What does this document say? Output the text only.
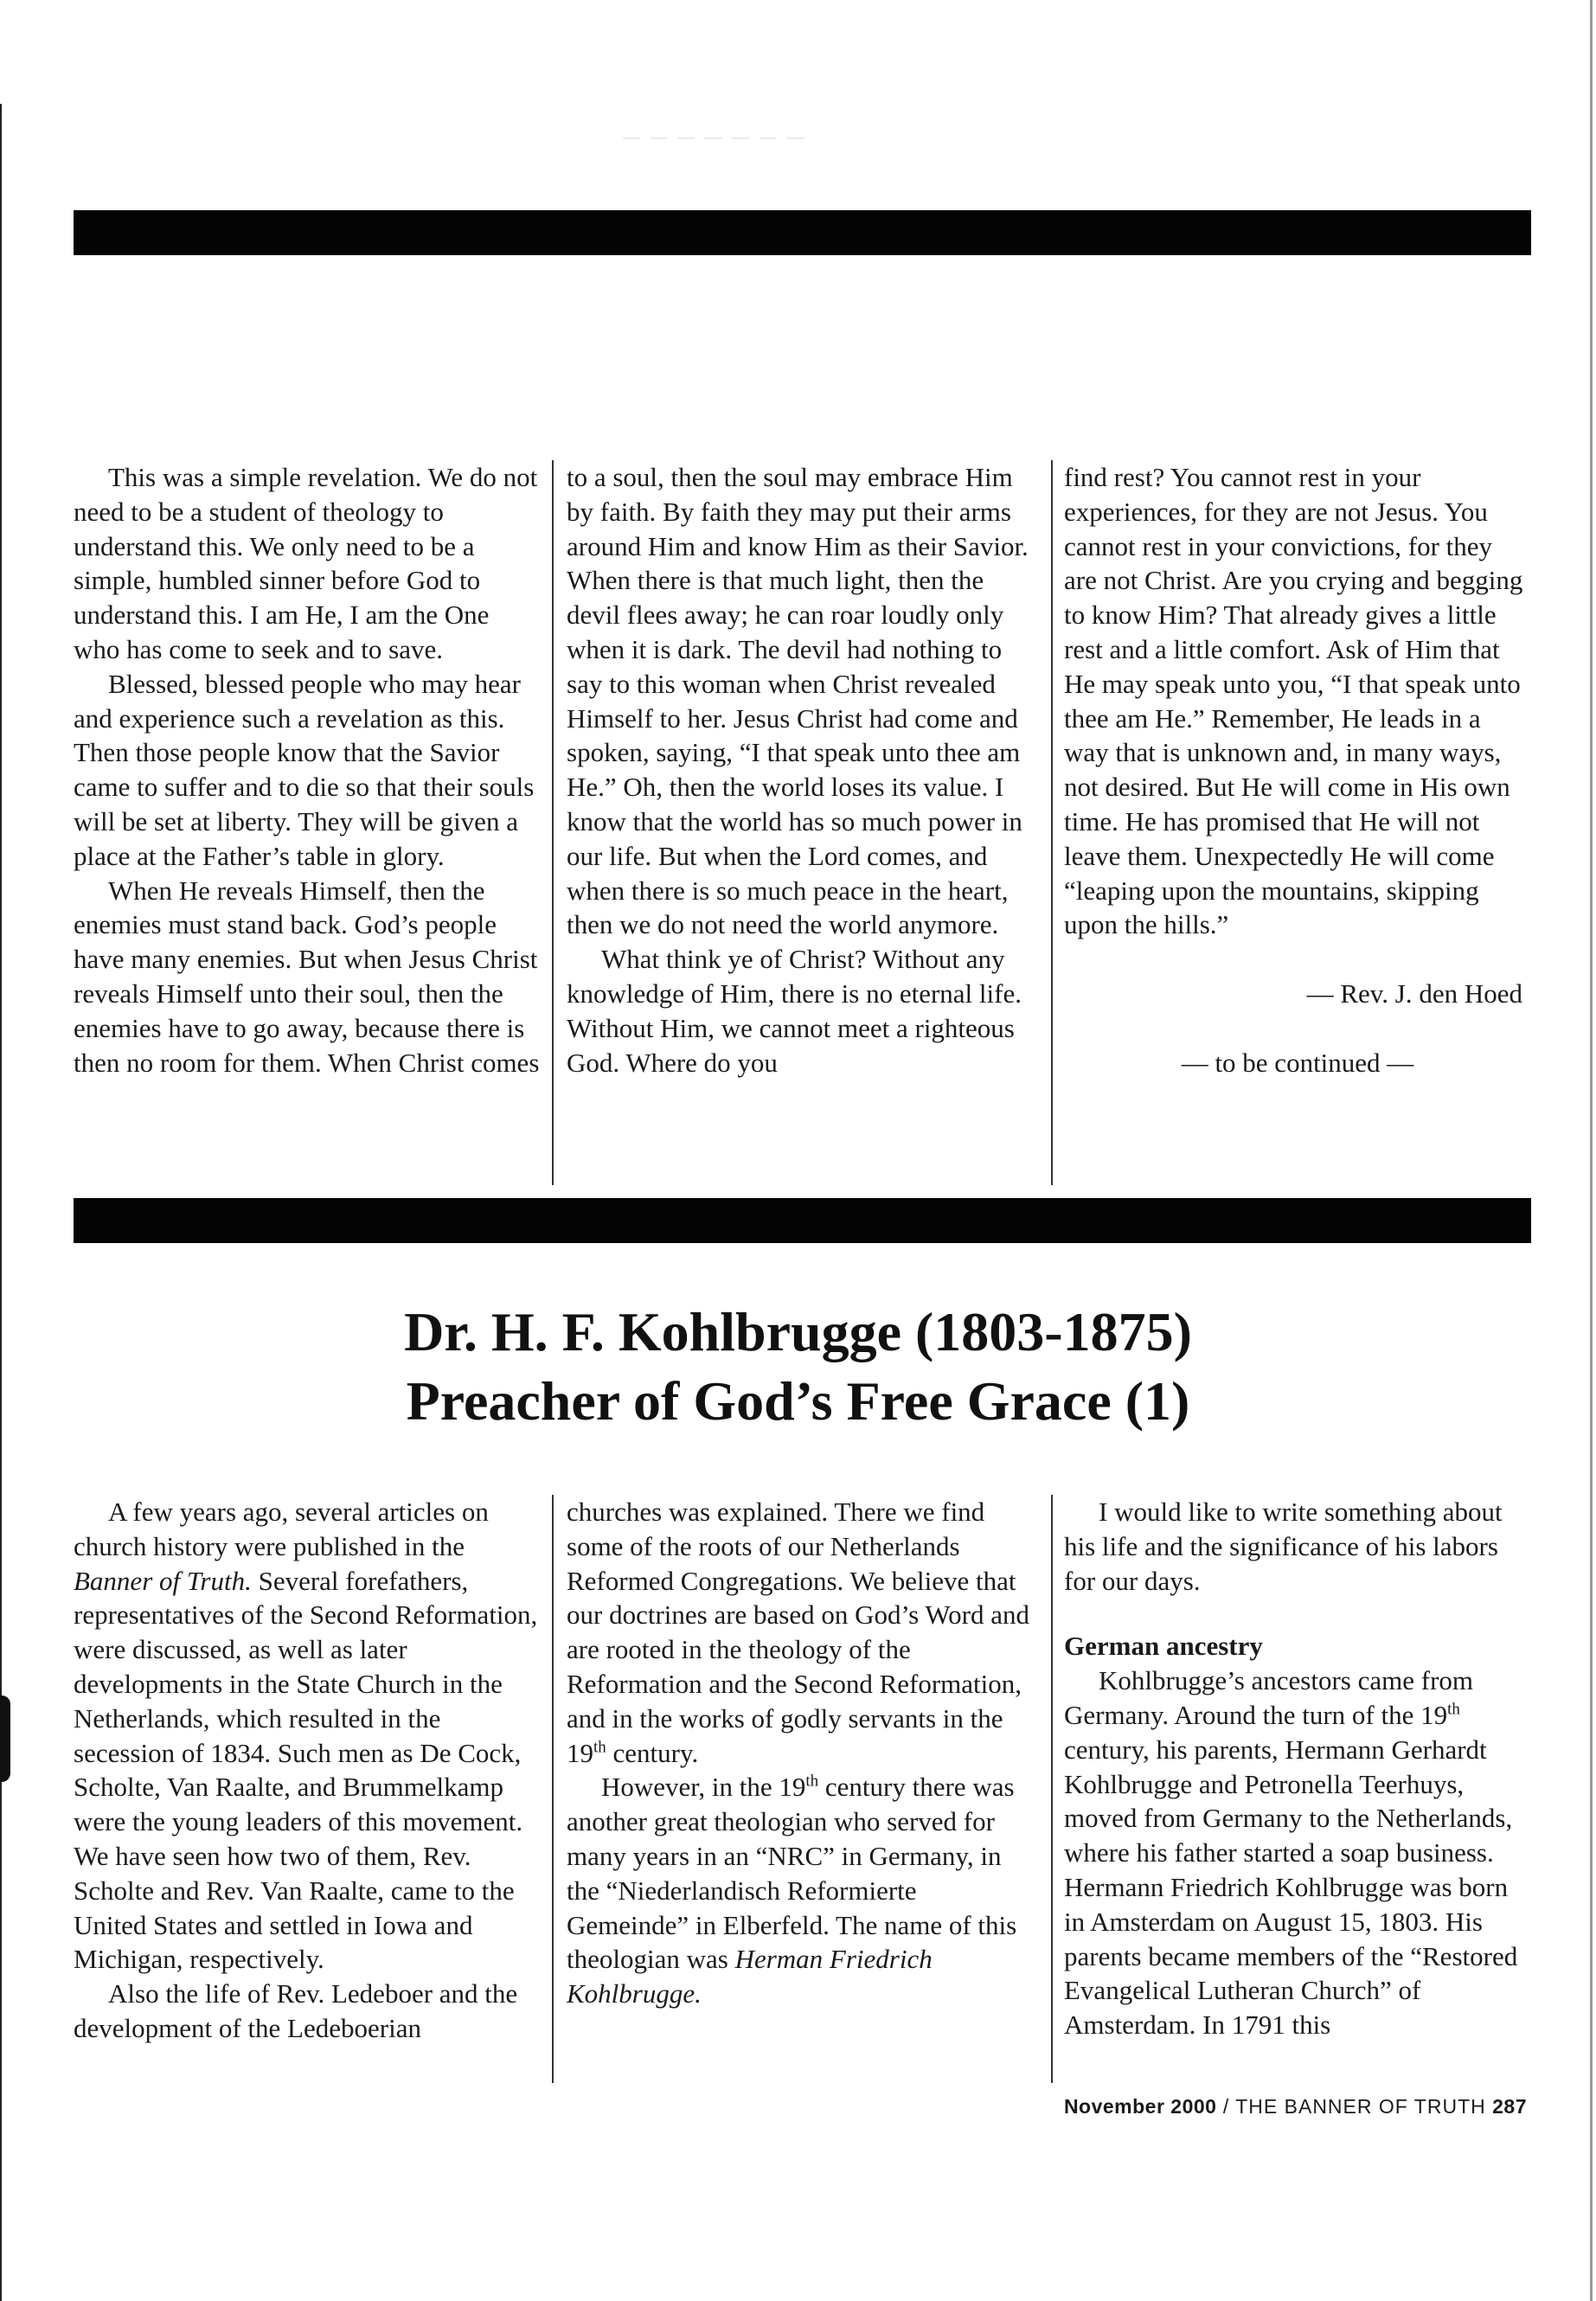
— — — — — — —

This was a simple revelation. We do not need to be a student of theology to understand this. We only need to be a simple, humbled sinner before God to understand this. I am He, I am the One who has come to seek and to save.

Blessed, blessed people who may hear and experience such a revelation as this. Then those people know that the Savior came to suffer and to die so that their souls will be set at liberty. They will be given a place at the Father’s table in glory.

When He reveals Himself, then the enemies must stand back. God’s people have many enemies. But when Jesus Christ reveals Himself unto their soul, then the enemies have to go away, because there is then no room for them. When Christ comes

to a soul, then the soul may embrace Him by faith. By faith they may put their arms around Him and know Him as their Savior. When there is that much light, then the devil flees away; he can roar loudly only when it is dark. The devil had nothing to say to this woman when Christ revealed Himself to her. Jesus Christ had come and spoken, saying, “I that speak unto thee am He.” Oh, then the world loses its value. I know that the world has so much power in our life. But when the Lord comes, and when there is so much peace in the heart, then we do not need the world anymore.

What think ye of Christ? Without any knowledge of Him, there is no eternal life. Without Him, we cannot meet a righteous God. Where do you

find rest? You cannot rest in your experiences, for they are not Jesus. You cannot rest in your convictions, for they are not Christ. Are you crying and begging to know Him? That already gives a little rest and a little comfort. Ask of Him that He may speak unto you, “I that speak unto thee am He.” Remember, He leads in a way that is unknown and, in many ways, not desired. But He will come in His own time. He has promised that He will not leave them. Unexpectedly He will come “leaping upon the mountains, skipping upon the hills.”

— Rev. J. den Hoed

— to be continued —

Dr. H. F. Kohlbrugge (1803-1875)
Preacher of God’s Free Grace (1)

A few years ago, several articles on church history were published in the Banner of Truth. Several forefathers, representatives of the Second Reformation, were discussed, as well as later developments in the State Church in the Netherlands, which resulted in the secession of 1834. Such men as De Cock, Scholte, Van Raalte, and Brummelkamp were the young leaders of this movement. We have seen how two of them, Rev. Scholte and Rev. Van Raalte, came to the United States and settled in Iowa and Michigan, respectively.

Also the life of Rev. Ledeboer and the development of the Ledeboerian

churches was explained. There we find some of the roots of our Netherlands Reformed Congregations. We believe that our doctrines are based on God’s Word and are rooted in the theology of the Reformation and the Second Reformation, and in the works of godly servants in the 19th century.

However, in the 19th century there was another great theologian who served for many years in an “NRC” in Germany, in the “Niederlandisch Reformierte Gemeinde” in Elberfeld. The name of this theologian was Herman Friedrich Kohlbrugge.

I would like to write something about his life and the significance of his labors for our days.

German ancestry

Kohlbrugge’s ancestors came from Germany. Around the turn of the 19th century, his parents, Hermann Gerhardt Kohlbrugge and Petronella Teerhuys, moved from Germany to the Netherlands, where his father started a soap business. Hermann Friedrich Kohlbrugge was born in Amsterdam on August 15, 1803. His parents became members of the “Restored Evangelical Lutheran Church” of Amsterdam. In 1791 this

November 2000 / THE BANNER OF TRUTH 287
